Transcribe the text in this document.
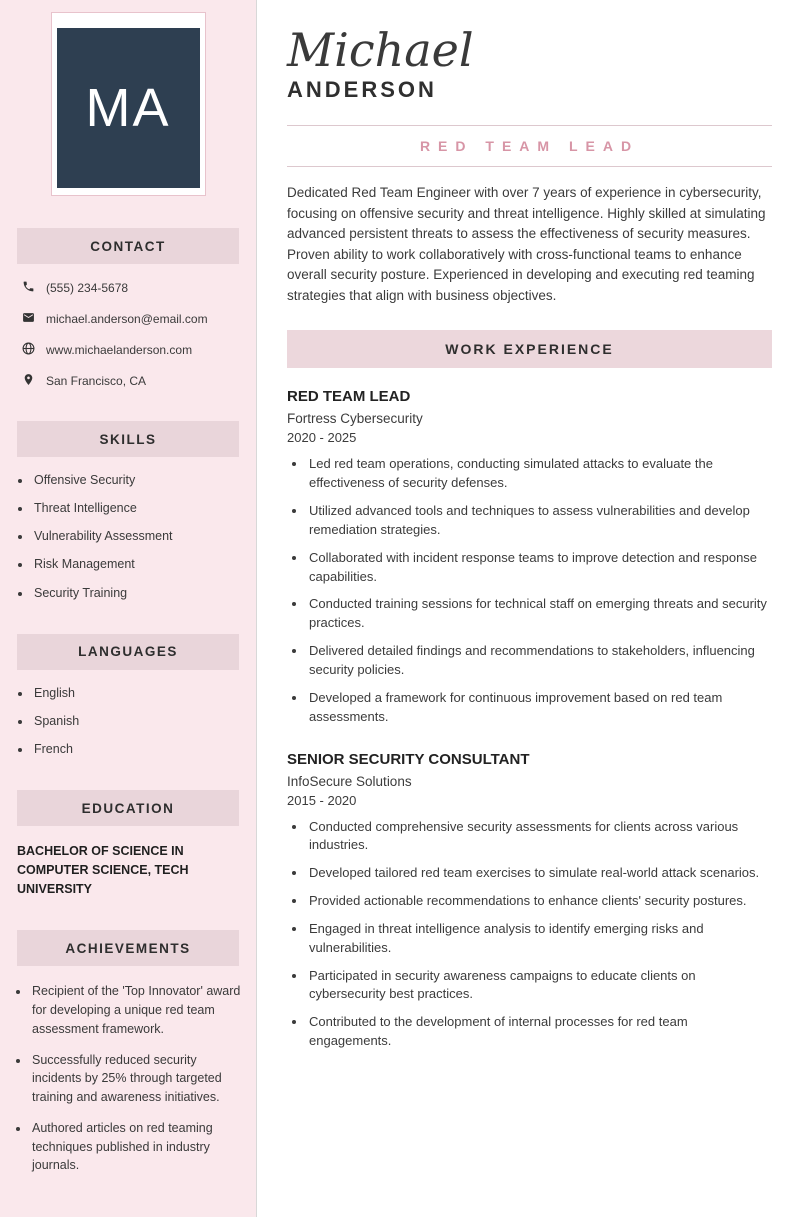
MA
CONTACT
(555) 234-5678
michael.anderson@email.com
www.michaelanderson.com
San Francisco, CA
SKILLS
• Offensive Security
• Threat Intelligence
• Vulnerability Assessment
• Risk Management
• Security Training
LANGUAGES
• English
• Spanish
• French
EDUCATION
BACHELOR OF SCIENCE IN COMPUTER SCIENCE, TECH UNIVERSITY
ACHIEVEMENTS
• Recipient of the 'Top Innovator' award for developing a unique red team assessment framework.
• Successfully reduced security incidents by 25% through targeted training and awareness initiatives.
• Authored articles on red teaming techniques published in industry journals.
Michael
ANDERSON
RED TEAM LEAD

Dedicated Red Team Engineer with over 7 years of experience in cybersecurity, focusing on offensive security and threat intelligence. Highly skilled at simulating advanced persistent threats to assess the effectiveness of security measures. Proven ability to work collaboratively with cross-functional teams to enhance overall security posture. Experienced in developing and executing red teaming strategies that align with business objectives.

WORK EXPERIENCE
RED TEAM LEAD
Fortress Cybersecurity
2020 - 2025
• Led red team operations, conducting simulated attacks to evaluate the effectiveness of security defenses.
• Utilized advanced tools and techniques to assess vulnerabilities and develop remediation strategies.
• Collaborated with incident response teams to improve detection and response capabilities.
• Conducted training sessions for technical staff on emerging threats and security practices.
• Delivered detailed findings and recommendations to stakeholders, influencing security policies.
• Developed a framework for continuous improvement based on red team assessments.
SENIOR SECURITY CONSULTANT
InfoSecure Solutions
2015 - 2020
• Conducted comprehensive security assessments for clients across various industries.
• Developed tailored red team exercises to simulate real-world attack scenarios.
• Provided actionable recommendations to enhance clients' security postures.
• Engaged in threat intelligence analysis to identify emerging risks and vulnerabilities.
• Participated in security awareness campaigns to educate clients on cybersecurity best practices.
• Contributed to the development of internal processes for red team engagements.
